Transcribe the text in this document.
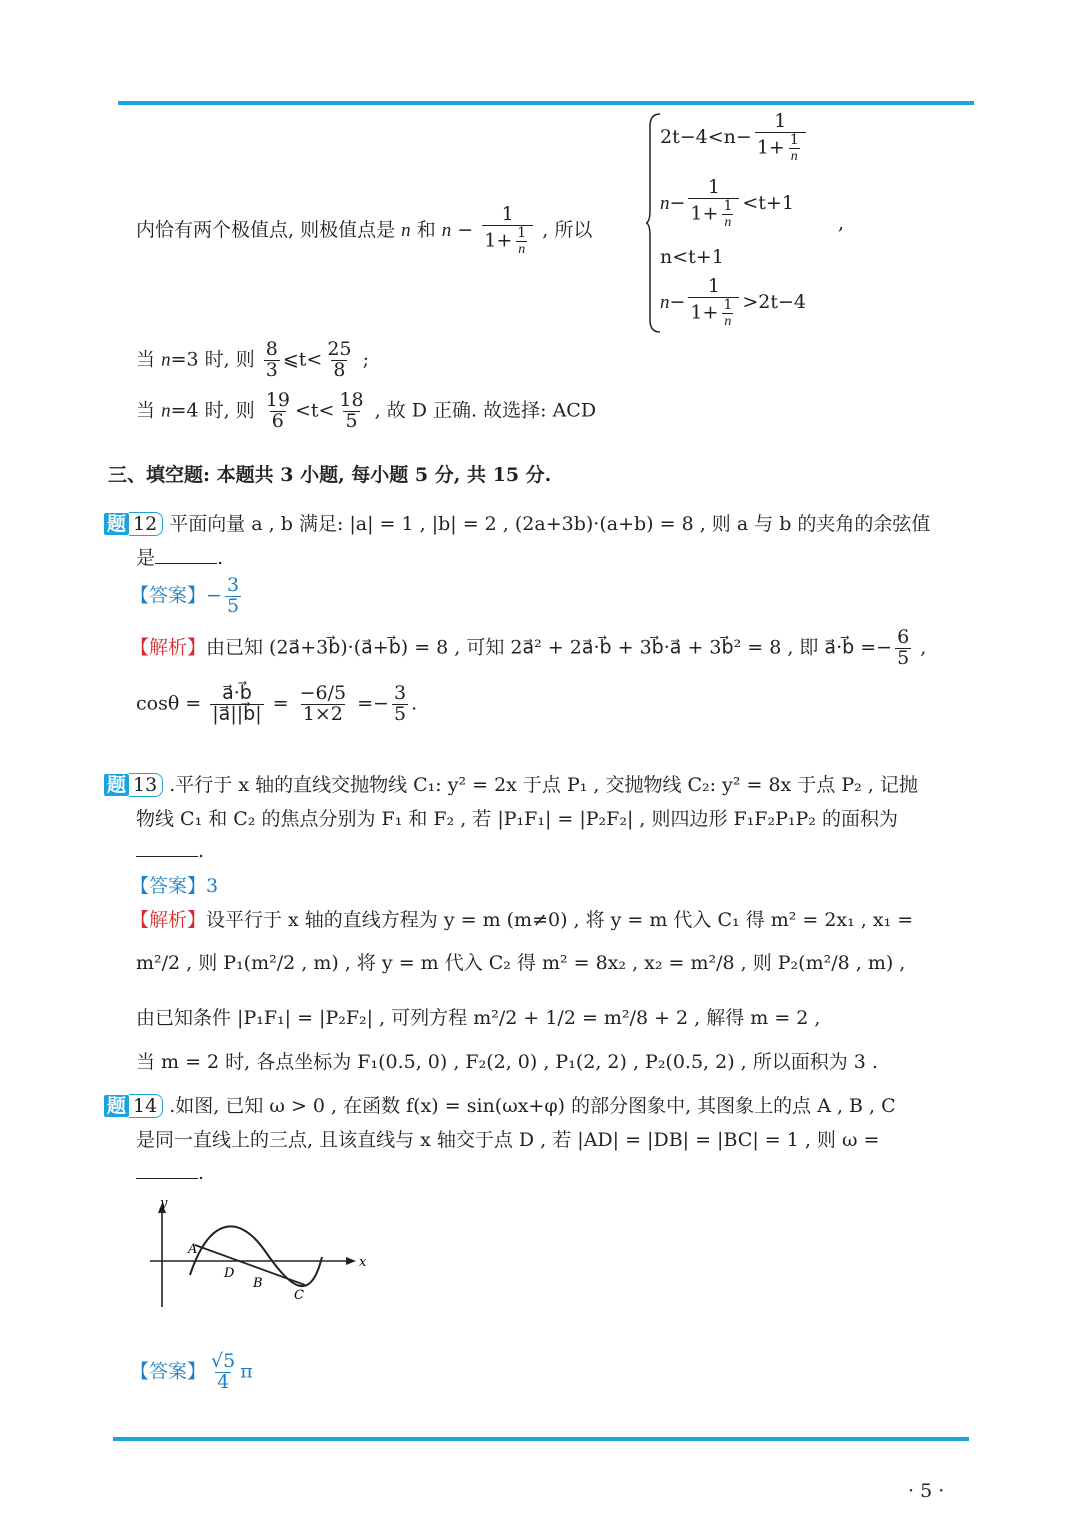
内恰有两个极值点, 则极值点是 n 和 $n - \frac{1}{1+ \frac{1}{n}}$ , 所以
$2t-4<n- \frac{1}{1+ \frac{1}{n}}$
$n- \frac{1}{1+ \frac{1}{n}} <t+1$
n<t+1
$n- \frac{1}{1+ \frac{1}{n}} >2t-4$
,
当 n=3 时, 则 $\frac{8}{3}$ ⩽t< $\frac{25}{8}$ ;
当 n=4 时, 则 $\frac{19}{6} <t< \frac{18}{5}$ , 故 D 正确. 故选择: ACD
三、填空题: 本题共 3 小题, 每小题 5 分, 共 15 分.
题 12 平面向量 a , b 满足: |a| = 1 , |b| = 2 , (2a+3b)·(a+b) = 8 , 则 a 与 b 的夹角的余弦值
是	.
【答案】− $\frac{3}{5}$
【解析】由已知 (2a⃗+3b⃗)·(a⃗+b⃗) = 8 , 可知 2a⃗² + 2a⃗·b⃗ + 3b⃗·a⃗ + 3b⃗² = 8 , 即 a⃗·b⃗ =− $\frac{6}{5}$ ,
$\cos\theta = \frac{a⃗\cdot b⃗}{|a⃗||b⃗|} = \frac{-6/5}{1\times 2} =- \frac{3}{5}$ .
题 13 .平行于 x 轴的直线交抛物线 C₁: y² = 2x 于点 P₁ , 交抛物线 C₂: y² = 8x 于点 P₂ , 记抛
物线 C₁ 和 C₂ 的焦点分别为 F₁ 和 F₂ , 若 |P₁F₁| = |P₂F₂| , 则四边形 F₁F₂P₁P₂ 的面积为
.
【答案】3
【解析】设平行于 x 轴的直线方程为 y = m (m≠0) , 将 y = m 代入 C₁ 得 m² = 2x₁ , x₁ =
m²/2 , 则 P₁(m²/2 , m) , 将 y = m 代入 C₂ 得 m² = 8x₂ , x₂ = m²/8 , 则 P₂(m²/8 , m) ,
由已知条件 |P₁F₁| = |P₂F₂| , 可列方程 m²/2 + 1/2 = m²/8 + 2 , 解得 m = 2 ,
当 m = 2 时, 各点坐标为 F₁(0.5, 0) , F₂(2, 0) , P₁(2, 2) , P₂(0.5, 2) , 所以面积为 3 .
题 14 .如图, 已知 ω > 0 , 在函数 f(x) = sin(ωx+φ) 的部分图象中, 其图象上的点 A , B , C
是同一直线上的三点, 且该直线与 x 轴交于点 D , 若 |AD| = |DB| = |BC| = 1 , 则 ω =
.
y
x
A
D
B
C
【答案】 $\frac{√5}{4}$ π
· 5 ·
